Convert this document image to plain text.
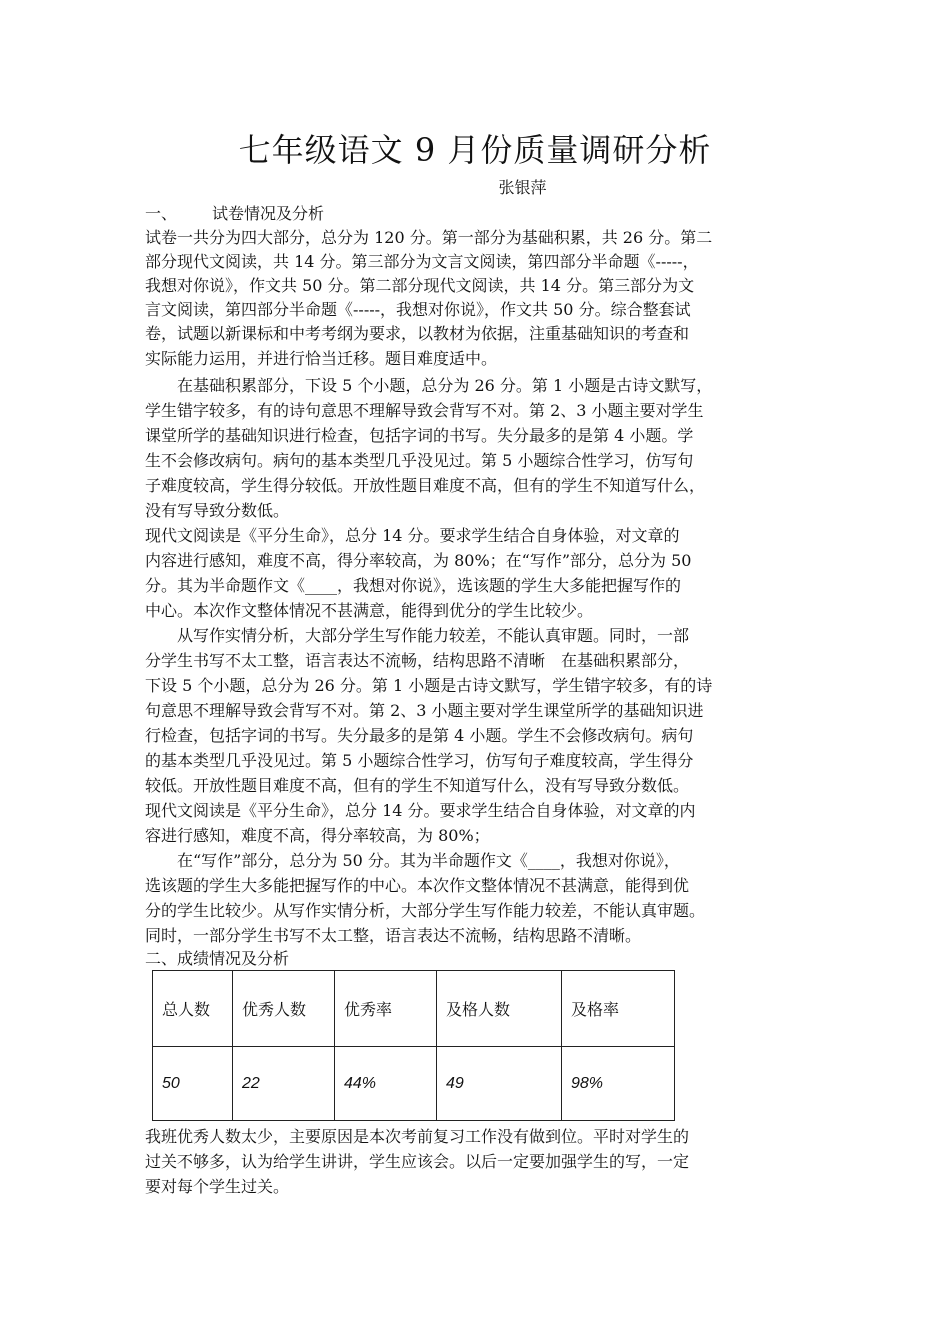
七年级语文 9 月份质量调研分析
张银萍
一、 试卷情况及分析
试卷一共分为四大部分，总分为 120 分。第一部分为基础积累，共 26 分。第二
部分现代文阅读，共 14 分。第三部分为文言文阅读，第四部分半命题《-----，
我想对你说》，作文共 50 分。第二部分现代文阅读，共 14 分。第三部分为文
言文阅读，第四部分半命题《-----，我想对你说》，作文共 50 分。综合整套试
卷，试题以新课标和中考考纲为要求，以教材为依据，注重基础知识的考查和
实际能力运用，并进行恰当迁移。题目难度适中。
　　在基础积累部分，下设 5 个小题，总分为 26 分。第 1 小题是古诗文默写，
学生错字较多，有的诗句意思不理解导致会背写不对。第 2、3 小题主要对学生
课堂所学的基础知识进行检查，包括字词的书写。失分最多的是第 4 小题。学
生不会修改病句。病句的基本类型几乎没见过。第 5 小题综合性学习，仿写句
子难度较高，学生得分较低。开放性题目难度不高，但有的学生不知道写什么，
没有写导致分数低。
现代文阅读是《平分生命》，总分 14 分。要求学生结合自身体验，对文章的
内容进行感知，难度不高，得分率较高，为 80%；在“写作”部分，总分为 50
分。其为半命题作文《____，我想对你说》，选该题的学生大多能把握写作的
中心。本次作文整体情况不甚满意，能得到优分的学生比较少。
　　从写作实情分析，大部分学生写作能力较差，不能认真审题。同时，一部
分学生书写不太工整，语言表达不流畅，结构思路不清晰　在基础积累部分，
下设 5 个小题，总分为 26 分。第 1 小题是古诗文默写，学生错字较多，有的诗
句意思不理解导致会背写不对。第 2、3 小题主要对学生课堂所学的基础知识进
行检查，包括字词的书写。失分最多的是第 4 小题。学生不会修改病句。病句
的基本类型几乎没见过。第 5 小题综合性学习，仿写句子难度较高，学生得分
较低。开放性题目难度不高，但有的学生不知道写什么，没有写导致分数低。
现代文阅读是《平分生命》，总分 14 分。要求学生结合自身体验，对文章的内
容进行感知，难度不高，得分率较高，为 80%；
　　在“写作”部分，总分为 50 分。其为半命题作文《____，我想对你说》，
选该题的学生大多能把握写作的中心。本次作文整体情况不甚满意，能得到优
分的学生比较少。从写作实情分析，大部分学生写作能力较差，不能认真审题。
同时，一部分学生书写不太工整，语言表达不流畅，结构思路不清晰。
二、成绩情况及分析
总人数	优秀人数	优秀率	及格人数	及格率
50	22	44%	49	98%
我班优秀人数太少，主要原因是本次考前复习工作没有做到位。平时对学生的
过关不够多，认为给学生讲讲，学生应该会。以后一定要加强学生的写，一定
要对每个学生过关。
